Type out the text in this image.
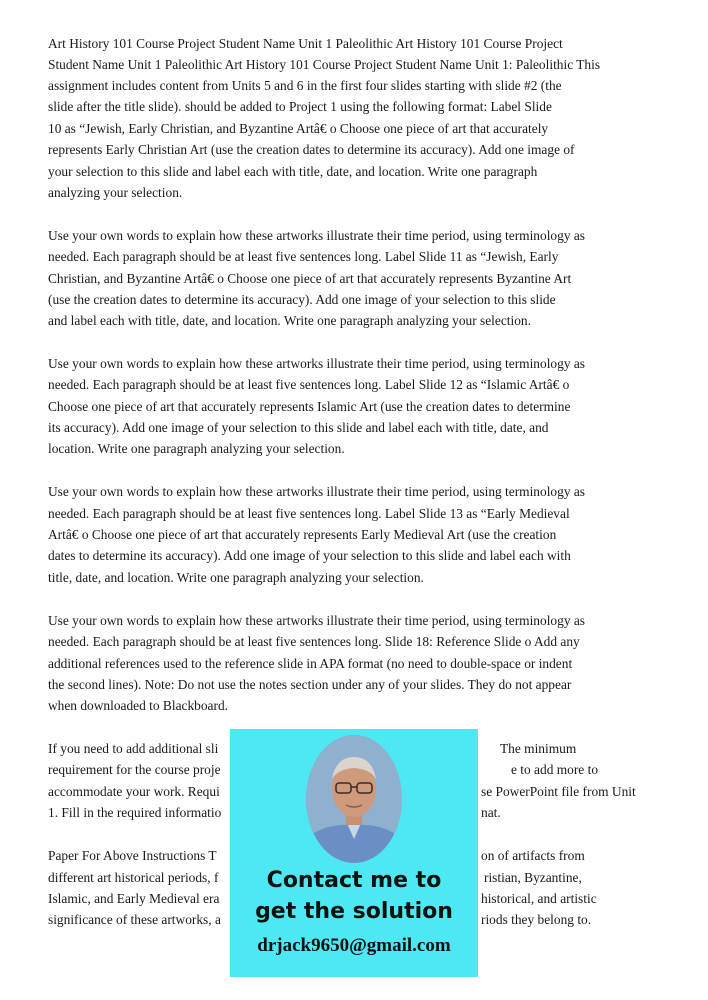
Art History 101 Course Project Student Name Unit 1 Paleolithic Art History 101 Course Project
Student Name Unit 1 Paleolithic Art History 101 Course Project Student Name Unit 1: Paleolithic This
assignment includes content from Units 5 and 6 in the first four slides starting with slide #2 (the
slide after the title slide). should be added to Project 1 using the following format: Label Slide
10 as “Jewish, Early Christian, and Byzantine Artâ€ o Choose one piece of art that accurately
represents Early Christian Art (use the creation dates to determine its accuracy). Add one image of
your selection to this slide and label each with title, date, and location. Write one paragraph
analyzing your selection.
Use your own words to explain how these artworks illustrate their time period, using terminology as
needed. Each paragraph should be at least five sentences long. Label Slide 11 as “Jewish, Early
Christian, and Byzantine Artâ€ o Choose one piece of art that accurately represents Byzantine Art
(use the creation dates to determine its accuracy). Add one image of your selection to this slide
and label each with title, date, and location. Write one paragraph analyzing your selection.
Use your own words to explain how these artworks illustrate their time period, using terminology as
needed. Each paragraph should be at least five sentences long. Label Slide 12 as “Islamic Artâ€ o
Choose one piece of art that accurately represents Islamic Art (use the creation dates to determine
its accuracy). Add one image of your selection to this slide and label each with title, date, and
location. Write one paragraph analyzing your selection.
Use your own words to explain how these artworks illustrate their time period, using terminology as
needed. Each paragraph should be at least five sentences long. Label Slide 13 as “Early Medieval
Artâ€ o Choose one piece of art that accurately represents Early Medieval Art (use the creation
dates to determine its accuracy). Add one image of your selection to this slide and label each with
title, date, and location. Write one paragraph analyzing your selection.
Use your own words to explain how these artworks illustrate their time period, using terminology as
needed. Each paragraph should be at least five sentences long. Slide 18: Reference Slide o Add any
additional references used to the reference slide in APA format (no need to double-space or indent
the second lines). Note: Do not use the notes section under any of your slides. They do not appear
when downloaded to Blackboard.
If you need to add additional sli
requirement for the course proje
accommodate your work. Requi
1. Fill in the required informatio
The minimum
e to add more to
se PowerPoint file from Unit
nat.
Paper For Above Instructions T
different art historical periods, f
Islamic, and Early Medieval era
significance of these artworks, a
on of artifacts from
ristian, Byzantine,
historical, and artistic
riods they belong to.
Contact me to
get the solution
drjack9650@gmail.com
